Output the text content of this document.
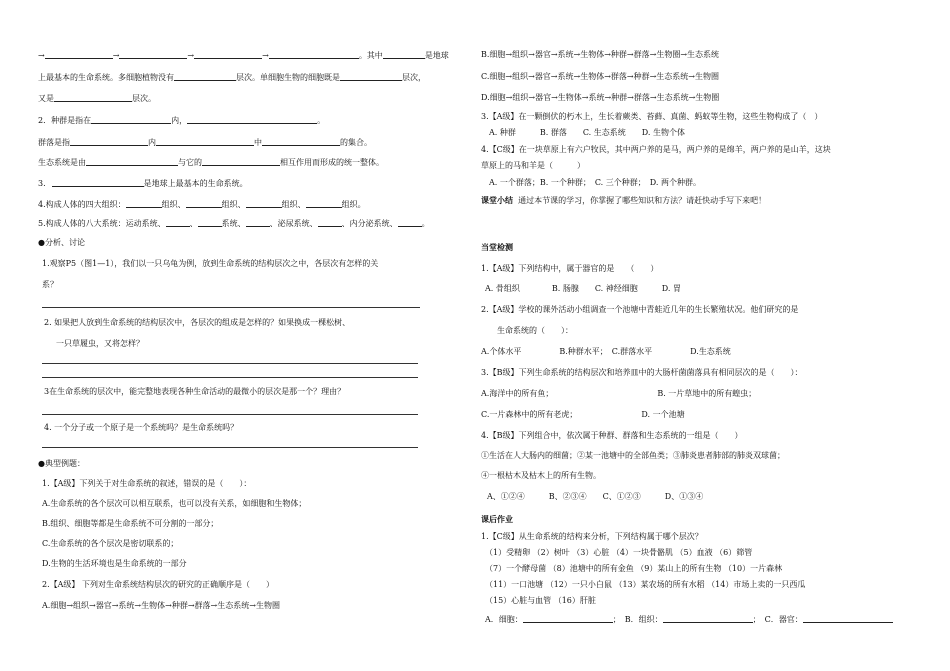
→	→	→	→	。其中	是地球
上最基本的生命系统。多细胞植物没有	层次。单细胞生物的细胞既是	层次，
又是	层次。
2．种群是指在	内，	。
群落是指	内	中	的集合。
生态系统是由	与它的	相互作用而形成的统一整体。
3.	是地球上最基本的生命系统。
4.构成人体的四大组织：	组织、	组织、	组织、	组织。
5.构成人体的八大系统：运动系统、	、	系统、	、泌尿系统、	、内分泌系统、	。
●分析、讨论
1.观察P5（图1—1），我们以一只乌龟为例，放到生命系统的结构层次之中，各层次有怎样的关
系？
2. 如果把人放到生命系统的结构层次中，各层次的组成是怎样的？如果换成一棵松树、
一只草履虫，又将怎样？
3在生命系统的层次中，能完整地表现各种生命活动的最微小的层次是那一个？理由？
4. 一个分子或一个原子是一个系统吗？是生命系统吗？
●典型例题：
1.【A级】下列关于对生命系统的叙述，错误的是（　　）：
A.生命系统的各个层次可以相互联系，也可以没有关系，如细胞和生物体；
B.组织、细胞等都是生命系统不可分割的一部分；
C.生命系统的各个层次是密切联系的；
D.生物的生活环境也是生命系统的一部分
2.【A级】 下列对生命系统结构层次的研究的正确顺序是（　　）
A.细胞→组织→器官→系统→生物体→种群→群落→生态系统→生物圈
B.细胞→组织→器官→系统→生物体→种群→群落→生物圈→生态系统
C.细胞→组织→器官→系统→生物体→群落→种群→生态系统→生物圈
D.细胞→组织→器官→生物体→系统→种群→群落→生态系统→生物圈
3.【A级】在一颗倒伏的朽木上，生长着蕨类、苔藓、真菌、蚂蚁等生物，这些生物构成了（　）
A. 种群　　　B. 群落　　C. 生态系统　　D. 生物个体
4.【C级】在一块草原上有六户牧民，其中两户养的是马，两户养的是绵羊，两户养的是山羊，这块
草原上的马和羊是（　　　）
A. 一个群落；B. 一个种群；　C. 三个种群；　D. 两个种群。
课堂小结 通过本节课的学习，你掌握了哪些知识和方法？请赶快动手写下来吧！
当堂检测
1.【A级】下列结构中，属于器官的是　　（　　）
A. 骨组织　　　　B. 肠腺　　C. 神经细胞　　　D. 胃
2.【A级】学校的课外活动小组调查一个池塘中青蛙近几年的生长繁殖状况。他们研究的是
生命系统的（　　）：
A.个体水平	B.种群水平； C.群落水平	D.生态系统
3.【B级】下列生命系统的结构层次和培养皿中的大肠杆菌菌落具有相同层次的是（　　）：
A.海洋中的所有鱼；	B. 一片草地中的所有蝗虫；
C.一片森林中的所有老虎；	D. 一个池塘
4.【B级】下列组合中，依次属于种群、群落和生态系统的一组是（　　）
①生活在人大肠内的细菌；②某一池塘中的全部鱼类；③肺炎患者肺部的肺炎双球菌；
④一根枯木及枯木上的所有生物。
A、①②④　　　B、②③④　　C、①②③　　　D、①③④
课后作业
1.【C级】从生命系统的结构来分析，下列结构属于哪个层次？
（1）受精卵 （2）树叶 （3）心脏 （4）一块骨骼肌 （5）血液 （6）筛管
（7）一个酵母菌 （8）池塘中的所有金鱼 （9）某山上的所有生物 （10）一片森林
（11）一口池塘 （12）一只小白鼠 （13）某农场的所有水稻 （14）市场上卖的一只西瓜
（15）心脏与血管 （16）肝脏
A．细胞：	；　B．组织：	；　C．器官：
